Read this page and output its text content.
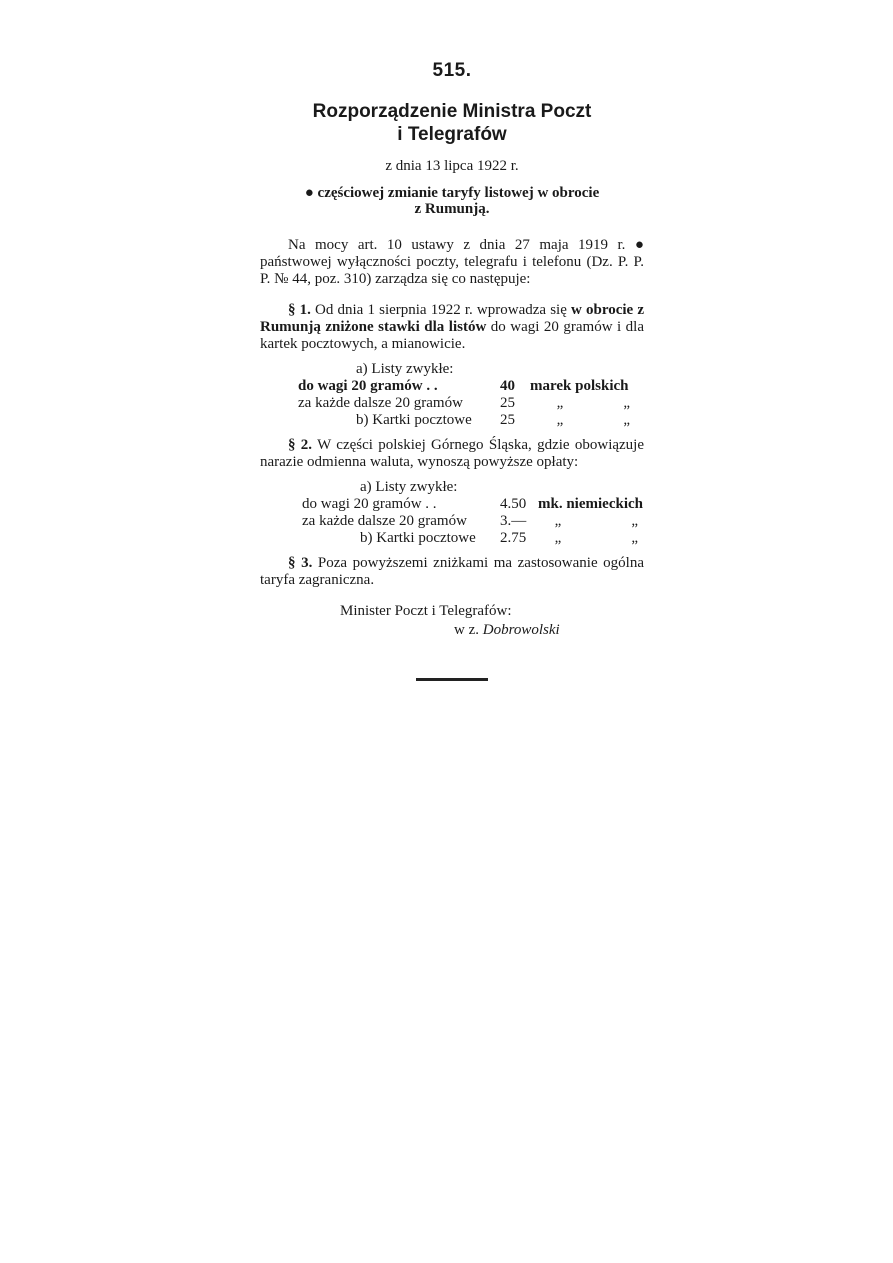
515.
Rozporządzenie Ministra Poczt
i Telegrafów
z dnia 13 lipca 1922 r.
● częściowej zmianie taryfy listowej w obrocie
z Rumunją.

Na mocy art. 10 ustawy z dnia 27 maja 1919 r. ● państwowej wyłączności poczty, telegrafu i telefonu (Dz. P. P. P. № 44, poz. 310) zarządza się co następuje:

§ 1. Od dnia 1 sierpnia 1922 r. wprowadza się w obrocie z Rumunją zniżone stawki dla listów do wagi 20 gramów i dla kartek pocztowych, a mianowicie.

a) Listy zwykłe:
do wagi 20 gramów . .	40	marek polskich
za każde dalsze 20 gramów	25	„	„
b) Kartki pocztowe	25	„	„

§ 2. W części polskiej Górnego Śląska, gdzie obowiązuje narazie odmienna waluta, wynoszą powyższe opłaty:

a) Listy zwykłe:
do wagi 20 gramów . .	4.50 mk. niemieckich
za każde dalsze 20 gramów	3.—	„	„
b) Kartki pocztowe	2.75	„	„

§ 3. Poza powyższemi zniżkami ma zastosowanie ogólna taryfa zagraniczna.

Minister Poczt i Telegrafów:
w z. Dobrowolski
